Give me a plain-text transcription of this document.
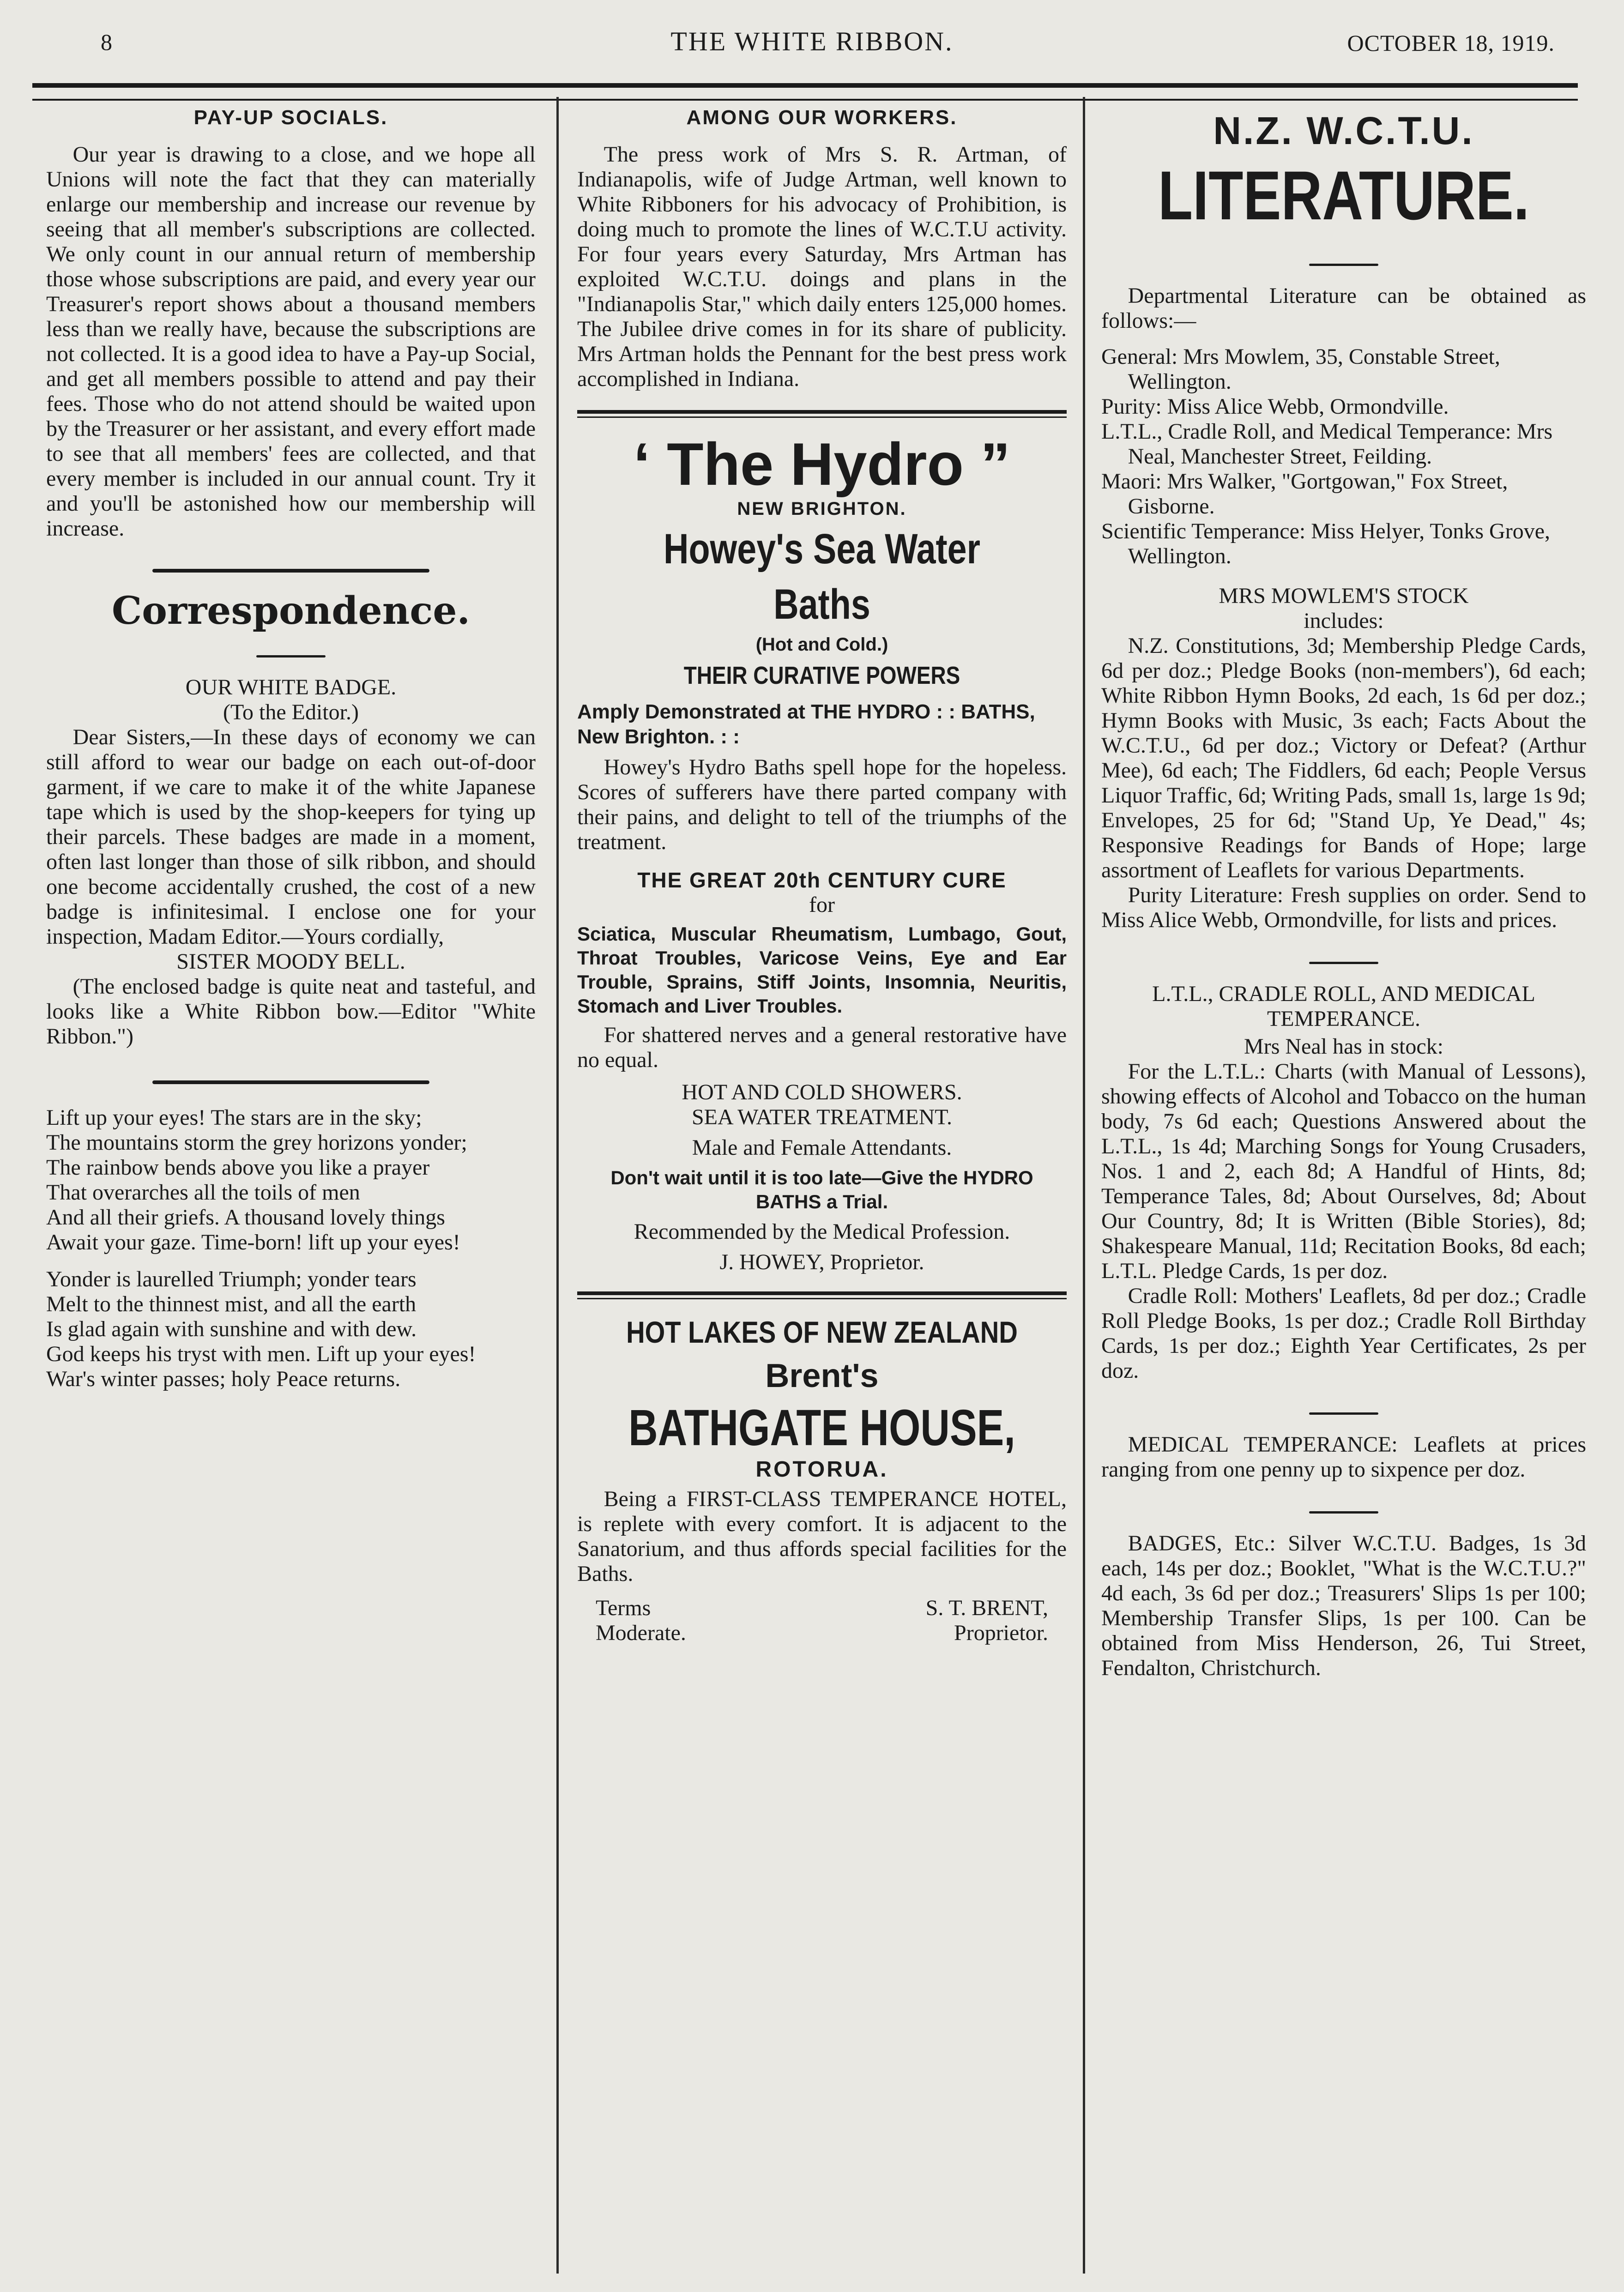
8	THE WHITE RIBBON.	OCTOBER 18, 1919.
PAY-UP SOCIALS.

Our year is drawing to a close, and we hope all Unions will note the fact that they can materially enlarge our membership and increase our revenue by seeing that all member's subscriptions are collected. We only count in our annual return of membership those whose subscriptions are paid, and every year our Treasurer's report shows about a thousand members less than we really have, because the subscriptions are not collected. It is a good idea to have a Pay-up Social, and get all members possible to attend and pay their fees. Those who do not attend should be waited upon by the Treasurer or her assistant, and every effort made to see that all members' fees are collected, and that every member is included in our annual count. Try it and you'll be astonished how our membership will increase.

Correspondence.

OUR WHITE BADGE.

(To the Editor.)

Dear Sisters,—In these days of economy we can still afford to wear our badge on each out-of-door garment, if we care to make it of the white Japanese tape which is used by the shop-keepers for tying up their parcels. These badges are made in a moment, often last longer than those of silk ribbon, and should one become accidentally crushed, the cost of a new badge is infinitesimal. I enclose one for your inspection, Madam Editor.—Yours cordially,

SISTER MOODY BELL.

(The enclosed badge is quite neat and tasteful, and looks like a White Ribbon bow.—Editor "White Ribbon.")

Lift up your eyes! The stars are in the sky;

The mountains storm the grey horizons yonder;

The rainbow bends above you like a prayer

That overarches all the toils of men

And all their griefs. A thousand lovely things

Await your gaze. Time-born! lift up your eyes!

Yonder is laurelled Triumph; yonder tears

Melt to the thinnest mist, and all the earth

Is glad again with sunshine and with dew.

God keeps his tryst with men. Lift up your eyes!

War's winter passes; holy Peace returns.

AMONG OUR WORKERS.

The press work of Mrs S. R. Artman, of Indianapolis, wife of Judge Artman, well known to White Ribboners for his advocacy of Prohibition, is doing much to promote the lines of W.C.T.U activity. For four years every Saturday, Mrs Artman has exploited W.C.T.U. doings and plans in the "Indianapolis Star," which daily enters 125,000 homes. The Jubilee drive comes in for its share of publicity. Mrs Artman holds the Pennant for the best press work accomplished in Indiana.

‘ The Hydro ”
NEW BRIGHTON.
Howey's Sea Water Baths
(Hot and Cold.)
THEIR CURATIVE POWERS
Amply Demonstrated at THE HYDRO : : BATHS, New Brighton. : :

Howey's Hydro Baths spell hope for the hopeless. Scores of sufferers have there parted company with their pains, and delight to tell of the triumphs of the treatment.

THE GREAT 20th CENTURY CURE

for

Sciatica, Muscular Rheumatism, Lumbago, Gout, Throat Troubles, Varicose Veins, Eye and Ear Trouble, Sprains, Stiff Joints, Insomnia, Neuritis, Stomach and Liver Troubles.

For shattered nerves and a general restorative have no equal.

HOT AND COLD SHOWERS.

SEA WATER TREATMENT.

Male and Female Attendants.

Don't wait until it is too late—Give the HYDRO BATHS a Trial.

Recommended by the Medical Profession.

J. HOWEY, Proprietor.

HOT LAKES OF NEW ZEALAND
Brent's
BATHGATE HOUSE,
ROTORUA.

Being a FIRST-CLASS TEMPERANCE HOTEL, is replete with every comfort. It is adjacent to the Sanatorium, and thus affords special facilities for the Baths.

Terms
Moderate.
S. T. BRENT,
Proprietor.
N.Z. W.C.T.U.
LITERATURE.

Departmental Literature can be obtained as follows:—

General: Mrs Mowlem, 35, Constable Street, Wellington.

Purity: Miss Alice Webb, Ormondville.

L.T.L., Cradle Roll, and Medical Temperance: Mrs Neal, Manchester Street, Feilding.

Maori: Mrs Walker, "Gortgowan," Fox Street, Gisborne.

Scientific Temperance: Miss Helyer, Tonks Grove, Wellington.

MRS MOWLEM'S STOCK

includes:

N.Z. Constitutions, 3d; Membership Pledge Cards, 6d per doz.; Pledge Books (non-members'), 6d each; White Ribbon Hymn Books, 2d each, 1s 6d per doz.; Hymn Books with Music, 3s each; Facts About the W.C.T.U., 6d per doz.; Victory or Defeat? (Arthur Mee), 6d each; The Fiddlers, 6d each; People Versus Liquor Traffic, 6d; Writing Pads, small 1s, large 1s 9d; Envelopes, 25 for 6d; "Stand Up, Ye Dead," 4s; Responsive Readings for Bands of Hope; large assortment of Leaflets for various Departments.

Purity Literature: Fresh supplies on order. Send to Miss Alice Webb, Ormondville, for lists and prices.

L.T.L., CRADLE ROLL, AND MEDICAL TEMPERANCE.

Mrs Neal has in stock:

For the L.T.L.: Charts (with Manual of Lessons), showing effects of Alcohol and Tobacco on the human body, 7s 6d each; Questions Answered about the L.T.L., 1s 4d; Marching Songs for Young Crusaders, Nos. 1 and 2, each 8d; A Handful of Hints, 8d; Temperance Tales, 8d; About Ourselves, 8d; About Our Country, 8d; It is Written (Bible Stories), 8d; Shakespeare Manual, 11d; Recitation Books, 8d each; L.T.L. Pledge Cards, 1s per doz.

Cradle Roll: Mothers' Leaflets, 8d per doz.; Cradle Roll Pledge Books, 1s per doz.; Cradle Roll Birthday Cards, 1s per doz.; Eighth Year Certificates, 2s per doz.

MEDICAL TEMPERANCE: Leaflets at prices ranging from one penny up to sixpence per doz.

BADGES, Etc.: Silver W.C.T.U. Badges, 1s 3d each, 14s per doz.; Booklet, "What is the W.C.T.U.?" 4d each, 3s 6d per doz.; Treasurers' Slips 1s per 100; Membership Transfer Slips, 1s per 100. Can be obtained from Miss Henderson, 26, Tui Street, Fendalton, Christchurch.
